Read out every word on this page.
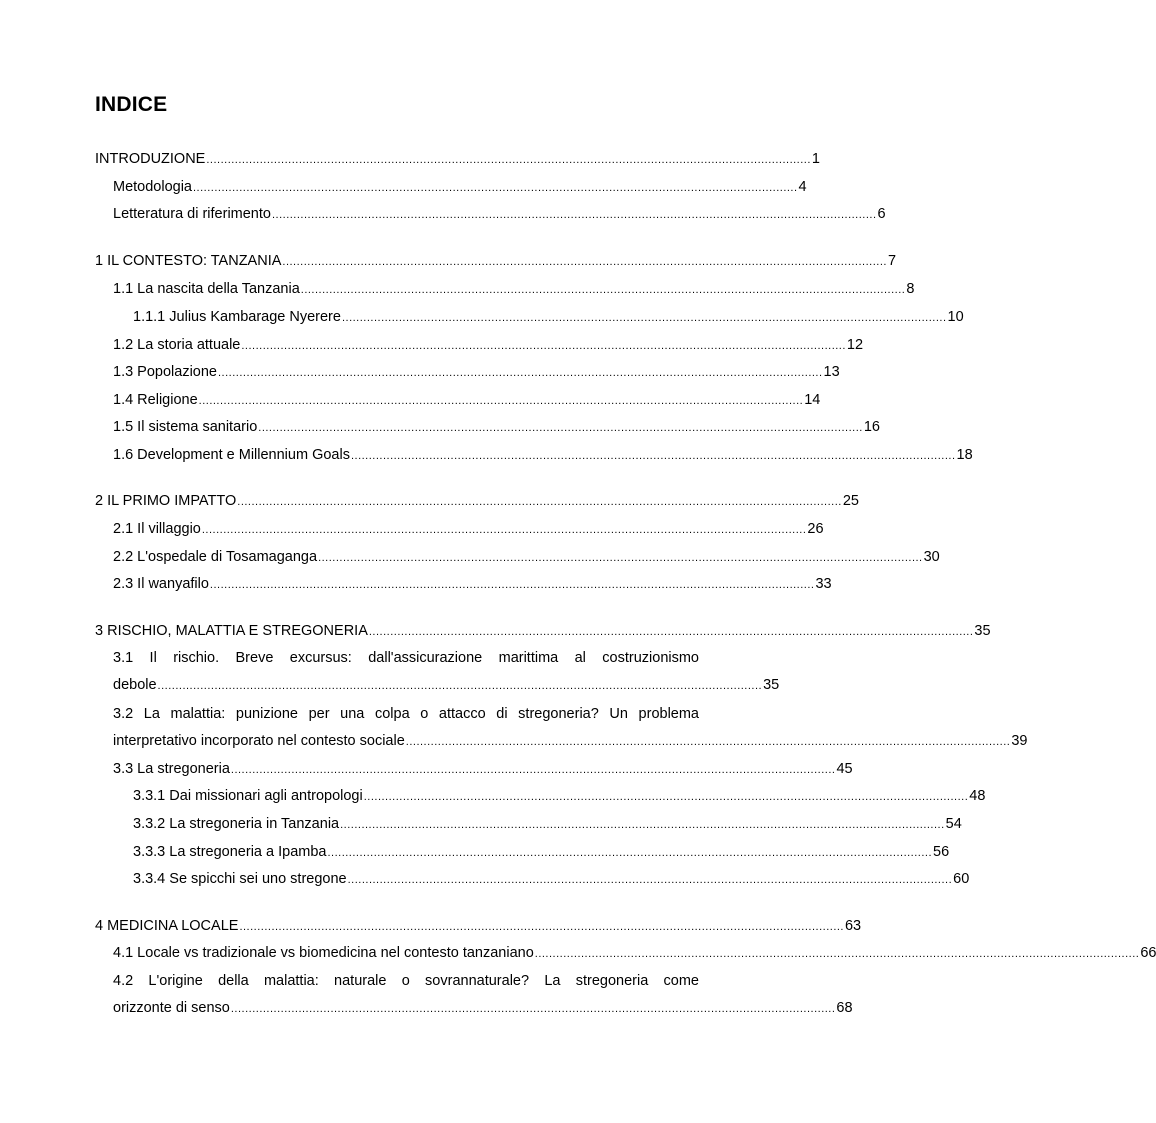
INDICE
INTRODUZIONE .......................................................................................................................................................................... 1
Metodologia .......................................................................................................................................................................... 4
Letteratura di riferimento .......................................................................................................................................................................... 6
1 IL CONTESTO: TANZANIA .......................................................................................................................................................................... 7
1.1 La nascita della Tanzania .......................................................................................................................................................................... 8
1.1.1 Julius Kambarage Nyerere .......................................................................................................................................................................... 10
1.2 La storia attuale .......................................................................................................................................................................... 12
1.3 Popolazione .......................................................................................................................................................................... 13
1.4 Religione .......................................................................................................................................................................... 14
1.5 Il sistema sanitario .......................................................................................................................................................................... 16
1.6 Development e Millennium Goals .......................................................................................................................................................................... 18
2 IL PRIMO IMPATTO .......................................................................................................................................................................... 25
2.1 Il villaggio .......................................................................................................................................................................... 26
2.2 L'ospedale di Tosamaganga .......................................................................................................................................................................... 30
2.3 Il wanyafilo .......................................................................................................................................................................... 33
3 RISCHIO, MALATTIA E STREGONERIA .......................................................................................................................................................................... 35
3.1 Il rischio. Breve excursus: dall'assicurazione marittima al costruzionismo
debole .......................................................................................................................................................................... 35
3.2 La malattia: punizione per una colpa o attacco di stregoneria? Un problema
interpretativo incorporato nel contesto sociale .......................................................................................................................................................................... 39
3.3 La stregoneria .......................................................................................................................................................................... 45
3.3.1 Dai missionari agli antropologi .......................................................................................................................................................................... 48
3.3.2 La stregoneria in Tanzania .......................................................................................................................................................................... 54
3.3.3 La stregoneria a Ipamba .......................................................................................................................................................................... 56
3.3.4 Se spicchi sei uno stregone .......................................................................................................................................................................... 60
4 MEDICINA LOCALE .......................................................................................................................................................................... 63
4.1 Locale vs tradizionale vs biomedicina nel contesto tanzaniano .......................................................................................................................................................................... 66
4.2 L'origine della malattia: naturale o sovrannaturale? La stregoneria come
orizzonte di senso .......................................................................................................................................................................... 68
